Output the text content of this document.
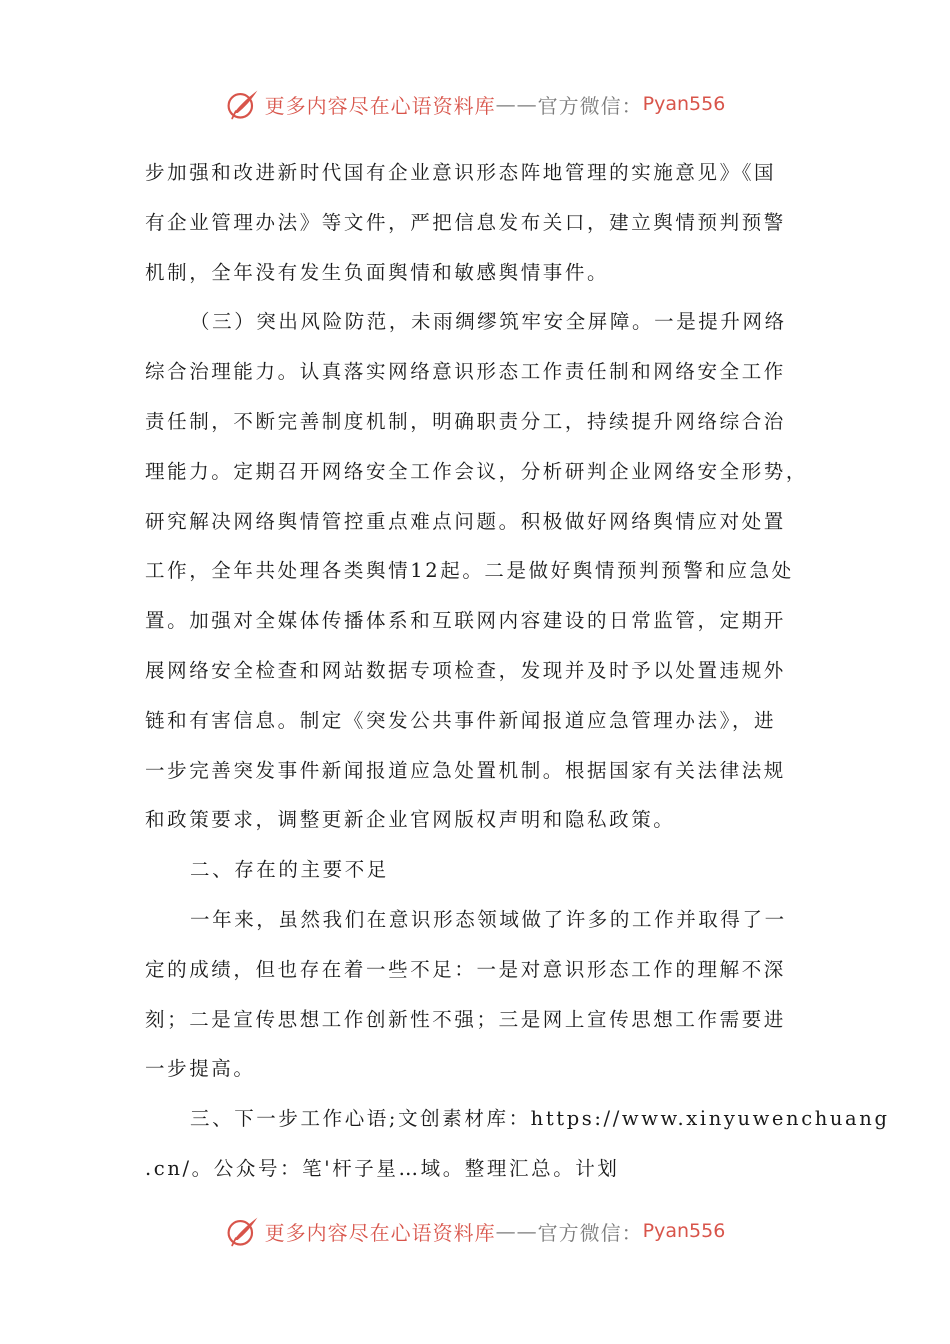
更多内容尽在心语资料库 —— 官方微信： Pyan556
步加强和改进新时代国有企业意识形态阵地管理的实施意见》《国
有企业管理办法》等文件，严把信息发布关口，建立舆情预判预警
机制，全年没有发生负面舆情和敏感舆情事件。
（三）突出风险防范，未雨绸缪筑牢安全屏障。一是提升网络
综合治理能力。认真落实网络意识形态工作责任制和网络安全工作
责任制，不断完善制度机制，明确职责分工，持续提升网络综合治
理能力。定期召开网络安全工作会议，分析研判企业网络安全形势，
研究解决网络舆情管控重点难点问题。积极做好网络舆情应对处置
工作，全年共处理各类舆情12起。二是做好舆情预判预警和应急处
置。加强对全媒体传播体系和互联网内容建设的日常监管，定期开
展网络安全检查和网站数据专项检查，发现并及时予以处置违规外
链和有害信息。制定《突发公共事件新闻报道应急管理办法》，进
一步完善突发事件新闻报道应急处置机制。根据国家有关法律法规
和政策要求，调整更新企业官网版权声明和隐私政策。
二、存在的主要不足
一年来，虽然我们在意识形态领域做了许多的工作并取得了一
定的成绩，但也存在着一些不足：一是对意识形态工作的理解不深
刻；二是宣传思想工作创新性不强；三是网上宣传思想工作需要进
一步提高。
三、下一步工作心语;文创素材库：https://www.xinyuwenchuang
.cn/。公众号：笔'杆子星…域。整理汇总。计划
更多内容尽在心语资料库 —— 官方微信： Pyan556
